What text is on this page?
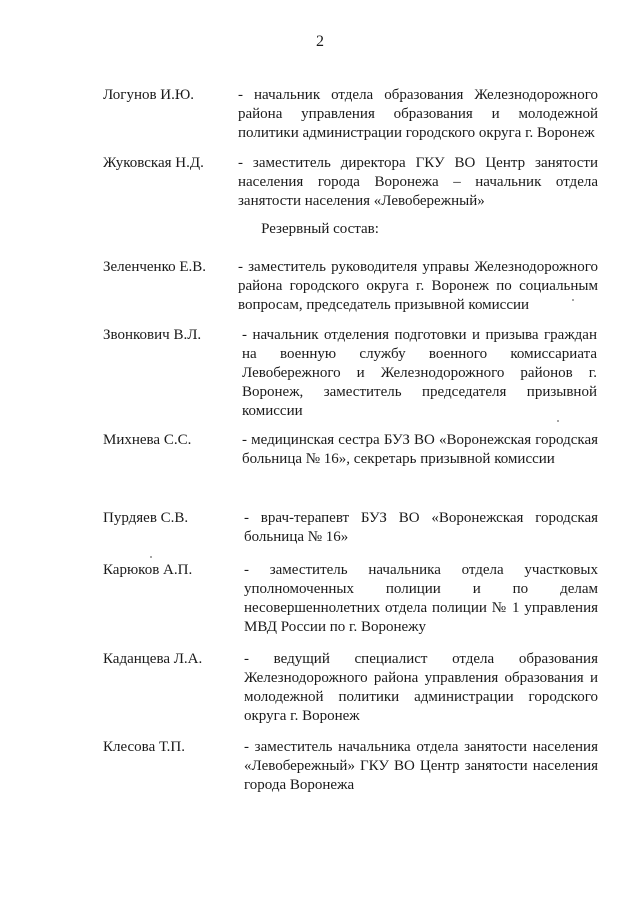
2
Логунов И.Ю.	- начальник отдела образования Железнодорожного района управления образования и молодежной политики администрации городского округа г. Воронеж
Жуковская Н.Д. - заместитель директора ГКУ ВО Центр занятости населения города Воронежа – начальник отдела занятости населения «Левобережный»
Резервный состав:
Зеленченко Е.В. - заместитель руководителя управы Железнодорожного района городского округа г. Воронеж по социальным вопросам, председатель призывной комиссии
Звонкович В.Л.	- начальник отделения подготовки и призыва граждан на военную службу военного комиссариата Левобережного и Железнодорожного районов г. Воронеж, заместитель председателя призывной комиссии
Михнева С.С.	- медицинская сестра БУЗ ВО «Воронежская городская больница № 16», секретарь призывной комиссии
Пурдяев С.В.	- врач-терапевт БУЗ ВО «Воронежская городская больница № 16»
Карюков А.П.	- заместитель начальника отдела участковых уполномоченных полиции и по делам несовершеннолетних отдела полиции № 1 управления МВД России по г. Воронежу
Каданцева Л.А.	- ведущий специалист отдела образования Железнодорожного района управления образования и молодежной политики администрации городского округа г. Воронеж
Клесова Т.П.	- заместитель начальника отдела занятости населения «Левобережный» ГКУ ВО Центр занятости населения города Воронежа
